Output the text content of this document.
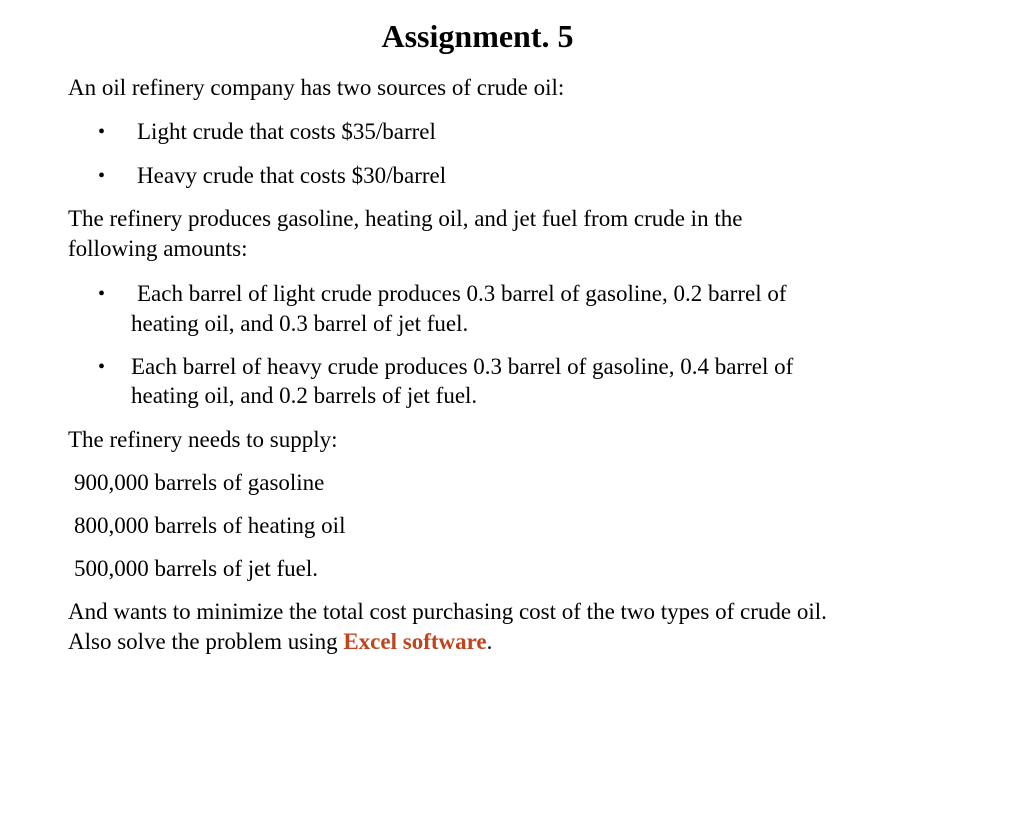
Assignment. 5
An oil refinery company has two sources of crude oil:
• Light crude that costs $35/barrel
• Heavy crude that costs $30/barrel
The refinery produces gasoline, heating oil, and jet fuel from crude in the
following amounts:
• Each barrel of light crude produces 0.3 barrel of gasoline, 0.2 barrel of
heating oil, and 0.3 barrel of jet fuel.
• Each barrel of heavy crude produces 0.3 barrel of gasoline, 0.4 barrel of
heating oil, and 0.2 barrels of jet fuel.
The refinery needs to supply:
900,000 barrels of gasoline
800,000 barrels of heating oil
500,000 barrels of jet fuel.
And wants to minimize the total cost purchasing cost of the two types of crude oil.
Also solve the problem using Excel software.
